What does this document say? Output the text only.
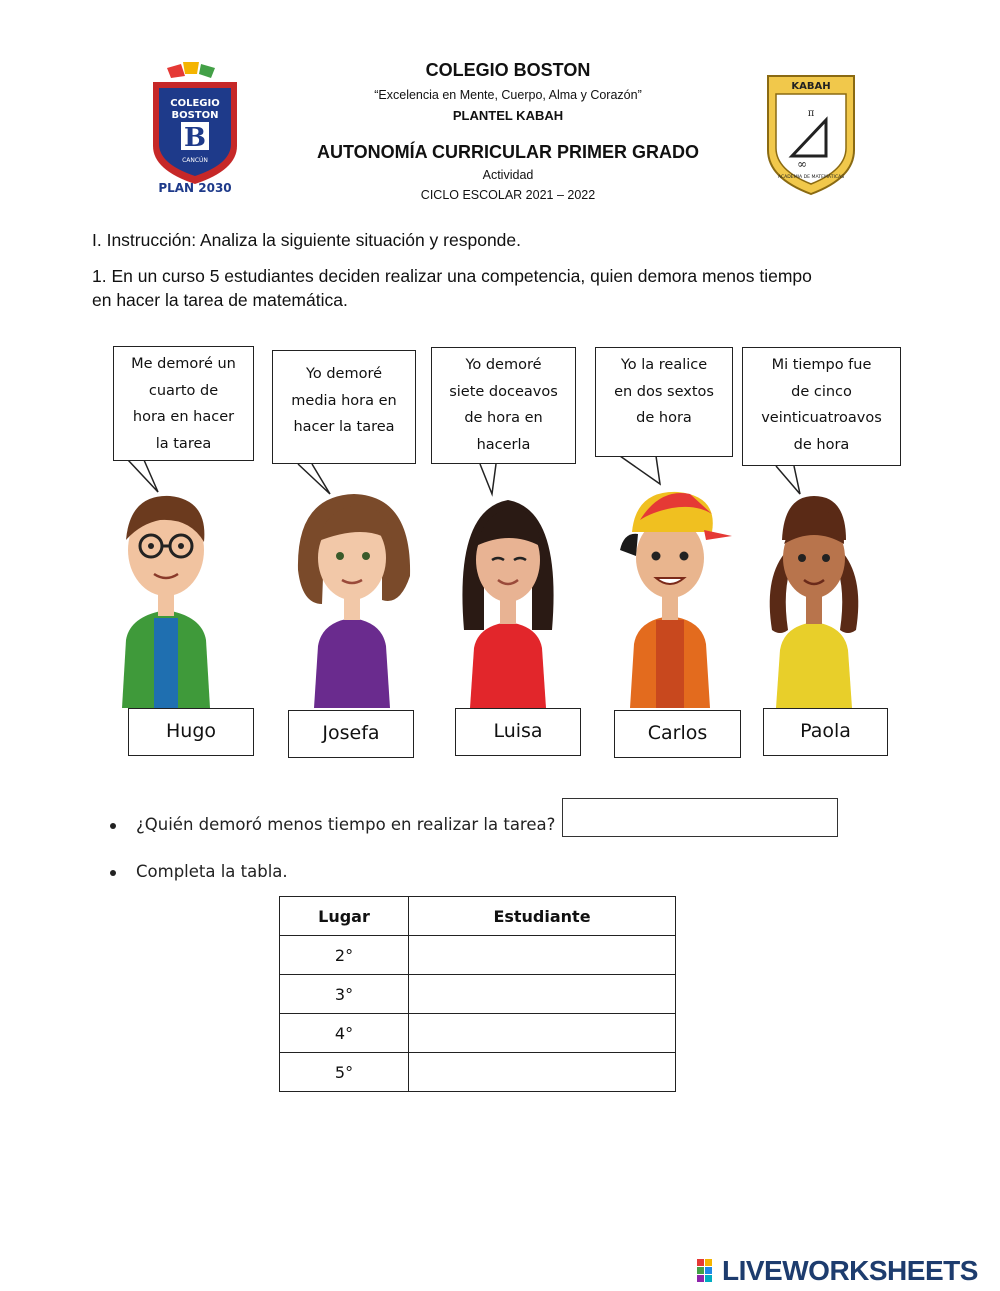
COLEGIO
BOSTON
B
CANCÚN
PLAN 2030
COLEGIO BOSTON
“Excelencia en Mente, Cuerpo, Alma y Corazón”
PLANTEL KABAH
AUTONOMÍA CURRICULAR PRIMER GRADO
Actividad
CICLO ESCOLAR 2021 – 2022
KABAH
π
∞
ACADEMIA DE MATEMÁTICAS
I. Instrucción: Analiza la siguiente situación y responde.
1. En un curso 5 estudiantes deciden realizar una competencia, quien demora menos tiempo
en hacer la tarea de matemática.
Me demoré un
cuarto de
hora en hacer
la tarea
Yo demoré
media hora en
hacer la tarea
Yo demoré
siete doceavos
de hora en
hacerla
Yo la realice
en dos sextos
de hora
Mi tiempo fue
de cinco
veinticuatroavos
de hora
Hugo	Josefa	Luisa	Carlos	Paola
¿Quién demoró menos tiempo en realizar la tarea?
Completa la tabla.
Lugar	Estudiante
2°	
3°	
4°	
5°	
LIVEWORKSHEETS
